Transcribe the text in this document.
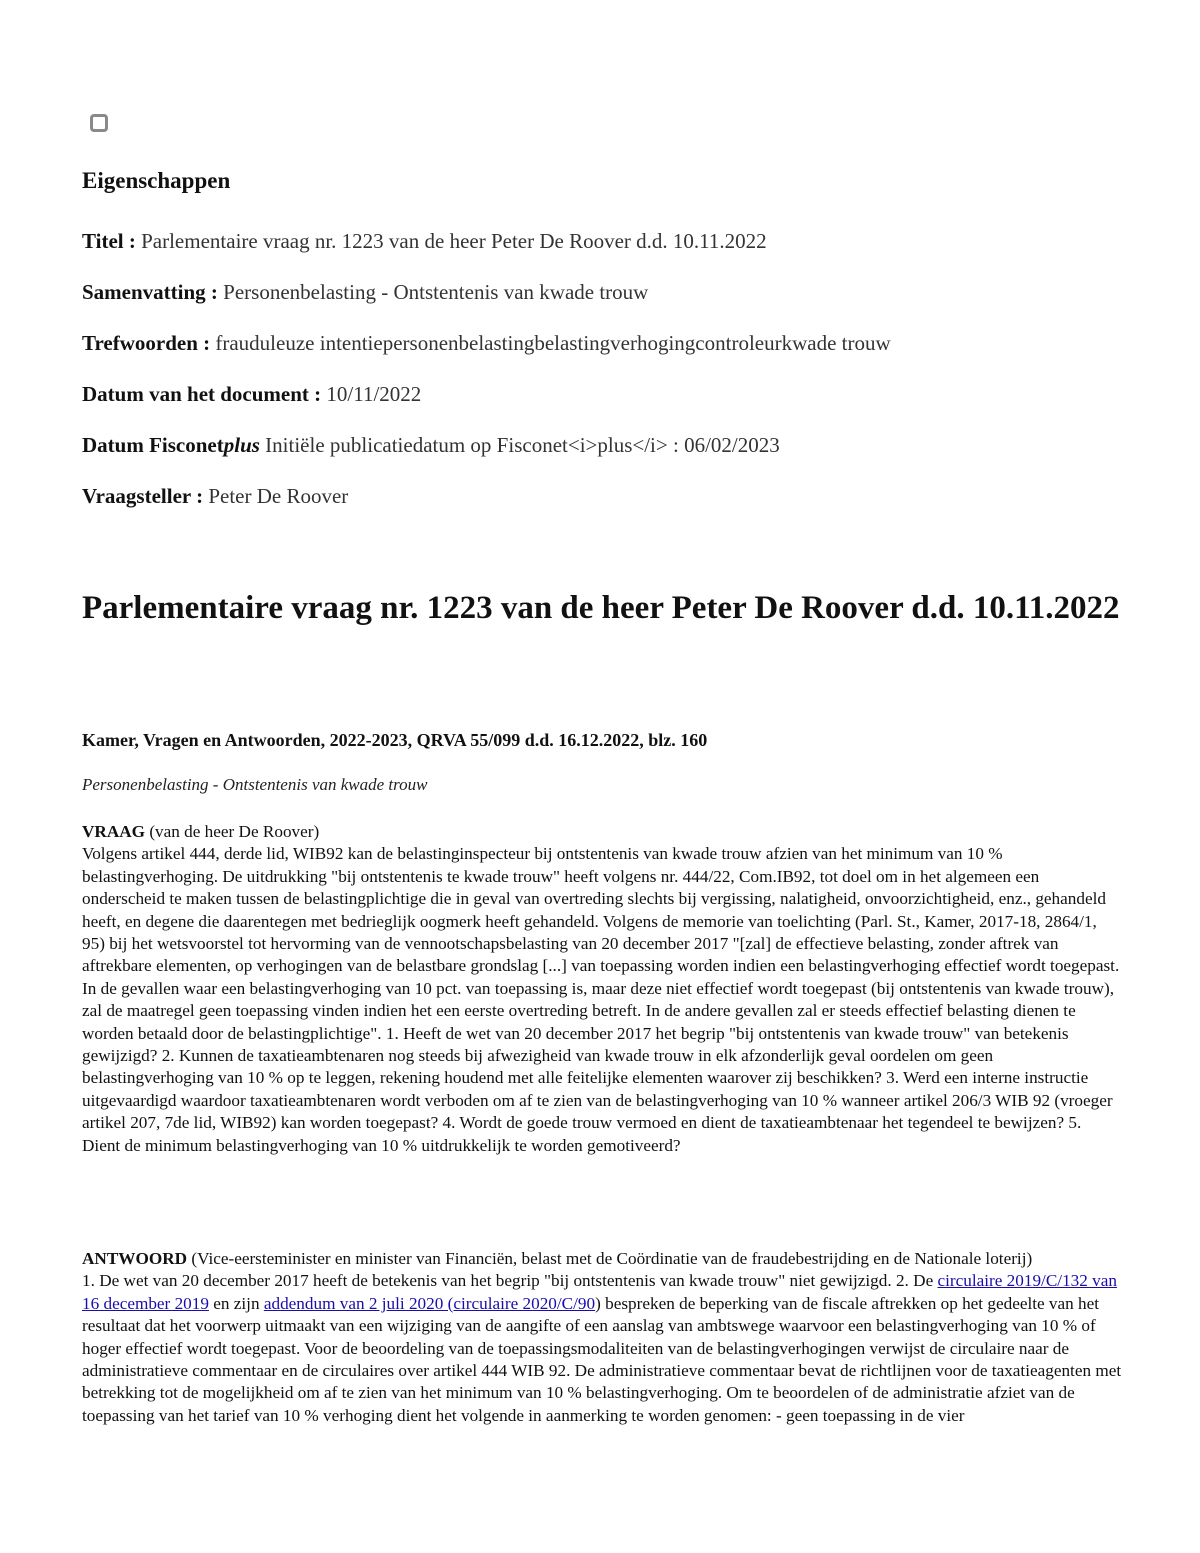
Eigenschappen
Titel : Parlementaire vraag nr. 1223 van de heer Peter De Roover d.d. 10.11.2022
Samenvatting : Personenbelasting - Ontstentenis van kwade trouw
Trefwoorden : frauduleuze intentiepersonenbelastingbelastingverhogingcontroleurkwade trouw
Datum van het document : 10/11/2022
Datum Fisconetplus Initiële publicatiedatum op Fisconet<i>plus</i> : 06/02/2023
Vraagsteller : Peter De Roover
Parlementaire vraag nr. 1223 van de heer Peter De Roover d.d. 10.11.2022
Kamer, Vragen en Antwoorden, 2022-2023, QRVA 55/099 d.d. 16.12.2022, blz. 160
Personenbelasting - Ontstentenis van kwade trouw
VRAAG (van de heer De Roover)
Volgens artikel 444, derde lid, WIB92 kan de belastinginspecteur bij ontstentenis van kwade trouw afzien van het minimum van 10 % belastingverhoging. De uitdrukking "bij ontstentenis te kwade trouw" heeft volgens nr. 444/22, Com.IB92, tot doel om in het algemeen een onderscheid te maken tussen de belastingplichtige die in geval van overtreding slechts bij vergissing, nalatigheid, onvoorzichtigheid, enz., gehandeld heeft, en degene die daarentegen met bedrieglijk oogmerk heeft gehandeld. Volgens de memorie van toelichting (Parl. St., Kamer, 2017-18, 2864/1, 95) bij het wetsvoorstel tot hervorming van de vennootschapsbelasting van 20 december 2017 "[zal] de effectieve belasting, zonder aftrek van aftrekbare elementen, op verhogingen van de belastbare grondslag [...] van toepassing worden indien een belastingverhoging effectief wordt toegepast. In de gevallen waar een belastingverhoging van 10 pct. van toepassing is, maar deze niet effectief wordt toegepast (bij ontstentenis van kwade trouw), zal de maatregel geen toepassing vinden indien het een eerste overtreding betreft. In de andere gevallen zal er steeds effectief belasting dienen te worden betaald door de belastingplichtige". 1. Heeft de wet van 20 december 2017 het begrip "bij ontstentenis van kwade trouw" van betekenis gewijzigd? 2. Kunnen de taxatieambtenaren nog steeds bij afwezigheid van kwade trouw in elk afzonderlijk geval oordelen om geen belastingverhoging van 10 % op te leggen, rekening houdend met alle feitelijke elementen waarover zij beschikken? 3. Werd een interne instructie uitgevaardigd waardoor taxatieambtenaren wordt verboden om af te zien van de belastingverhoging van 10 % wanneer artikel 206/3 WIB 92 (vroeger artikel 207, 7de lid, WIB92) kan worden toegepast? 4. Wordt de goede trouw vermoed en dient de taxatieambtenaar het tegendeel te bewijzen? 5. Dient de minimum belastingverhoging van 10 % uitdrukkelijk te worden gemotiveerd?
ANTWOORD (Vice-eersteminister en minister van Financiën, belast met de Coördinatie van de fraudebestrijding en de Nationale loterij)
1. De wet van 20 december 2017 heeft de betekenis van het begrip "bij ontstentenis van kwade trouw" niet gewijzigd. 2. De circulaire 2019/C/132 van 16 december 2019 en zijn addendum van 2 juli 2020 (circulaire 2020/C/90) bespreken de beperking van de fiscale aftrekken op het gedeelte van het resultaat dat het voorwerp uitmaakt van een wijziging van de aangifte of een aanslag van ambtswege waarvoor een belastingverhoging van 10 % of hoger effectief wordt toegepast. Voor de beoordeling van de toepassingsmodaliteiten van de belastingverhogingen verwijst de circulaire naar de administratieve commentaar en de circulaires over artikel 444 WIB 92. De administratieve commentaar bevat de richtlijnen voor de taxatieagenten met betrekking tot de mogelijkheid om af te zien van het minimum van 10 % belastingverhoging. Om te beoordelen of de administratie afziet van de toepassing van het tarief van 10 % verhoging dient het volgende in aanmerking te worden genomen: - geen toepassing in de vier
